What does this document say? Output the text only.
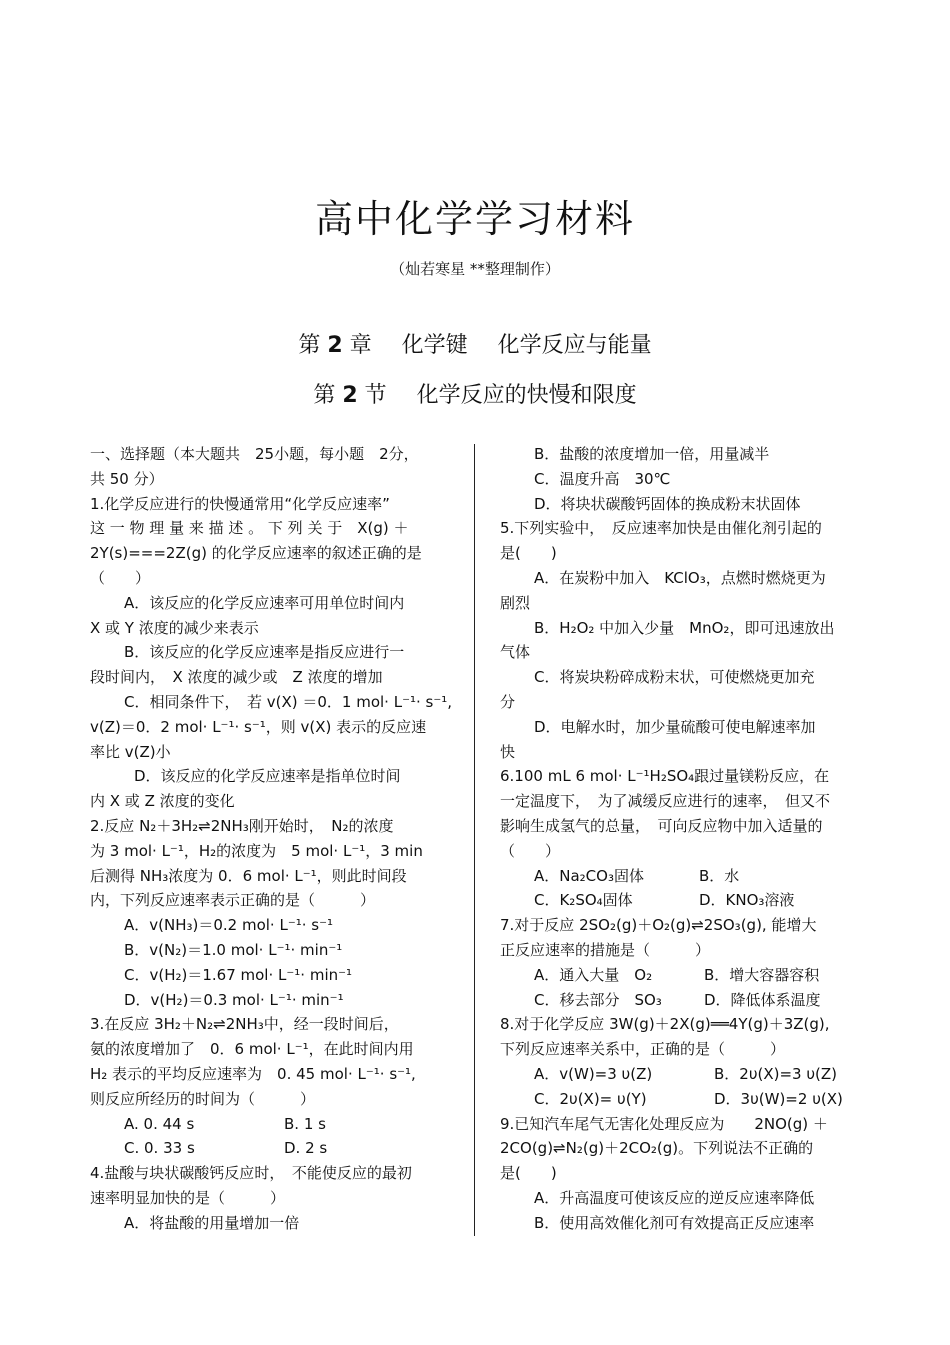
高中化学学习材料
（灿若寒星 **整理制作）
第 2 章 化学键 化学反应与能量
第 2 节 化学反应的快慢和限度
一、选择题（本大题共　25小题，每小题　2分，
共 50 分）
1.化学反应进行的快慢通常用“化学反应速率”
这 一 物 理 量 来 描 述 。 下 列 关 于　X(g) ＋
2Y(s)===2Z(g) 的化学反应速率的叙述正确的是
（　　）
A．该反应的化学反应速率可用单位时间内
X 或 Y 浓度的减少来表示
B．该反应的化学反应速率是指反应进行一
段时间内，　X 浓度的减少或　Z 浓度的增加
C．相同条件下，　若 v(X) ＝0．1 mol· L⁻¹· s⁻¹,
v(Z)＝0．2 mol· L⁻¹· s⁻¹，则 v(X) 表示的反应速
率比 v(Z)小
D．该反应的化学反应速率是指单位时间
内 X 或 Z 浓度的变化
2.反应 N₂＋3H₂⇌2NH₃刚开始时，　N₂的浓度
为 3 mol· L⁻¹，H₂的浓度为　5 mol· L⁻¹，3 min
后测得 NH₃浓度为 0．6 mol· L⁻¹，则此时间段
内，下列反应速率表示正确的是（　　　）
A．v(NH₃)＝0.2 mol· L⁻¹· s⁻¹
B．v(N₂)＝1.0 mol· L⁻¹· min⁻¹
C．v(H₂)＝1.67 mol· L⁻¹· min⁻¹
D．v(H₂)＝0.3 mol· L⁻¹· min⁻¹
3.在反应 3H₂＋N₂⇌2NH₃中，经一段时间后，
氨的浓度增加了　0．6 mol· L⁻¹，在此时间内用
H₂ 表示的平均反应速率为　0. 45 mol· L⁻¹· s⁻¹,
则反应所经历的时间为（　　　）
A. 0. 44 s	B. 1 s
C. 0. 33 s	D. 2 s
4.盐酸与块状碳酸钙反应时，　不能使反应的最初
速率明显加快的是（　　　）
A．将盐酸的用量增加一倍
B．盐酸的浓度增加一倍，用量减半
C．温度升高　30℃
D．将块状碳酸钙固体的换成粉末状固体
5.下列实验中，　反应速率加快是由催化剂引起的
是(　　)
A．在炭粉中加入　KClO₃，点燃时燃烧更为
剧烈
B．H₂O₂ 中加入少量　MnO₂，即可迅速放出
气体
C．将炭块粉碎成粉末状，可使燃烧更加充
分
D．电解水时，加少量硫酸可使电解速率加
快
6.100 mL 6 mol· L⁻¹H₂SO₄跟过量镁粉反应，在
一定温度下，　为了减缓反应进行的速率，　但又不
影响生成氢气的总量，　可向反应物中加入适量的
（　　）
A．Na₂CO₃固体	B．水
C．K₂SO₄固体	D．KNO₃溶液
7.对于反应 2SO₂(g)＋O₂(g)⇌2SO₃(g), 能增大
正反应速率的措施是（　　　）
A．通入大量　O₂	B．增大容器容积
C．移去部分　SO₃	D．降低体系温度
8.对于化学反应 3W(g)＋2X(g)══4Y(g)＋3Z(g),
下列反应速率关系中，正确的是（　　　）
A．v(W)=3 υ(Z)	B．2υ(X)=3 υ(Z)
C．2υ(X)= υ(Y)	D．3υ(W)=2 υ(X)
9.已知汽车尾气无害化处理反应为　　2NO(g) ＋
2CO(g)⇌N₂(g)＋2CO₂(g)。下列说法不正确的
是(　　)
A．升高温度可使该反应的逆反应速率降低
B．使用高效催化剂可有效提高正反应速率
